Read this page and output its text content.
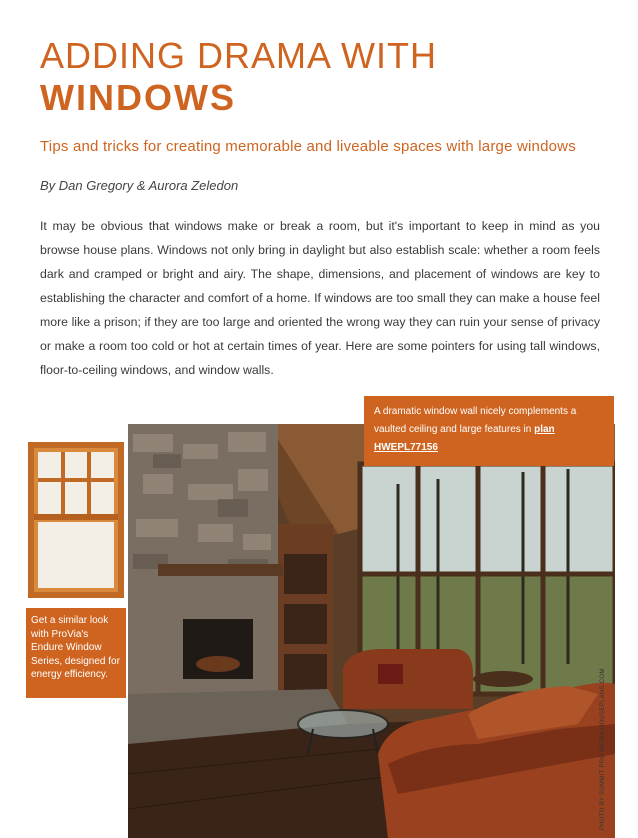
ADDING DRAMA WITH
WINDOWS
Tips and tricks for creating memorable and liveable spaces with large windows
By Dan Gregory & Aurora Zeledon
It may be obvious that windows make or break a room, but it's important to keep in mind as you browse house plans. Windows not only bring in daylight but also establish scale: whether a room feels dark and cramped or bright and airy. The shape, dimensions, and placement of windows are key to establishing the character and comfort of a home. If windows are too small they can make a house feel more like a prison; if they are too large and oriented the wrong way they can ruin your sense of privacy or make a room too cold or hot at certain times of year. Here are some pointers for using tall windows, floor-to-ceiling windows, and window walls.
A dramatic window wall nicely complements a vaulted ceiling and large features in plan HWEPL77156
Get a similar look with ProVia's Endure Window Series, designed for energy efficiency.	PHOTO BY SUMMIT PRO MEDIA/HOUSEPLANS.COM
